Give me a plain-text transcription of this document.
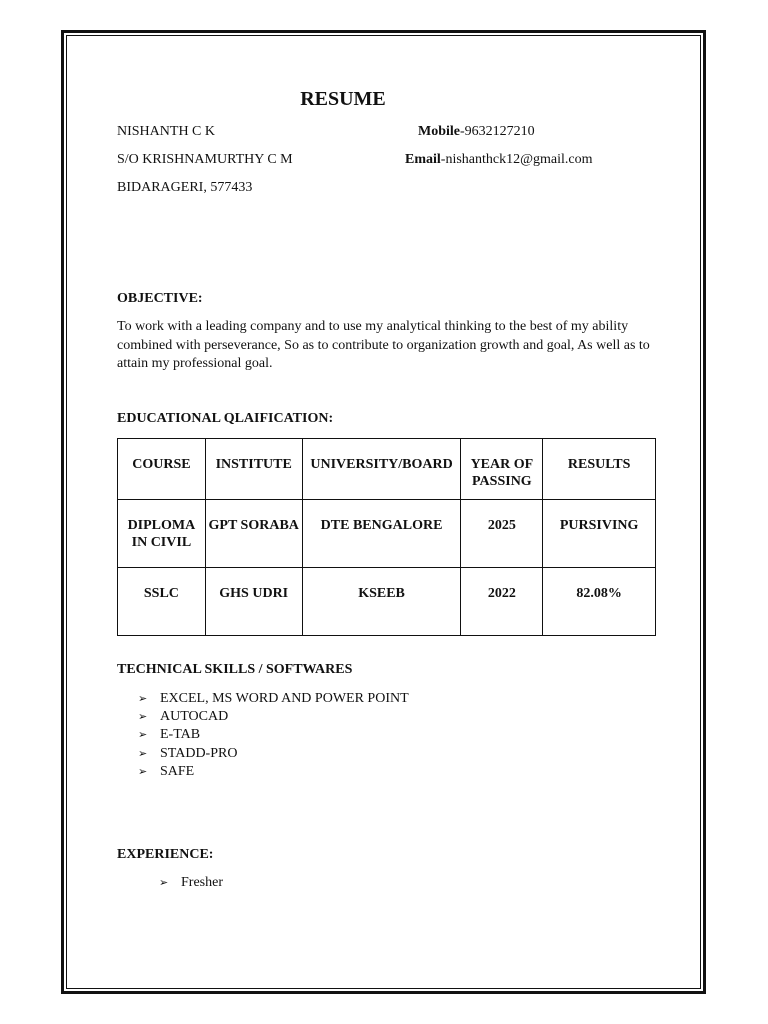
RESUME
NISHANTH C K
S/O KRISHNAMURTHY C M
BIDARAGERI, 577433
Mobile-9632127210
Email-nishanthck12@gmail.com
OBJECTIVE:
To work with a leading company and to use my analytical thinking to the best of my ability combined with perseverance, So as to contribute to organization growth and goal, As well as to attain my professional goal.
EDUCATIONAL QLAIFICATION:
COURSE	INSTITUTE	UNIVERSITY/BOARD	YEAR OF PASSING	RESULTS
DIPLOMA IN CIVIL	GPT SORABA	DTE BENGALORE	2025	PURSIVING
SSLC	GHS UDRI	KSEEB	2022	82.08%
TECHNICAL SKILLS / SOFTWARES
➢ EXCEL, MS WORD AND POWER POINT
➢ AUTOCAD
➢ E-TAB
➢ STADD-PRO
➢ SAFE
EXPERIENCE:
➢ Fresher
